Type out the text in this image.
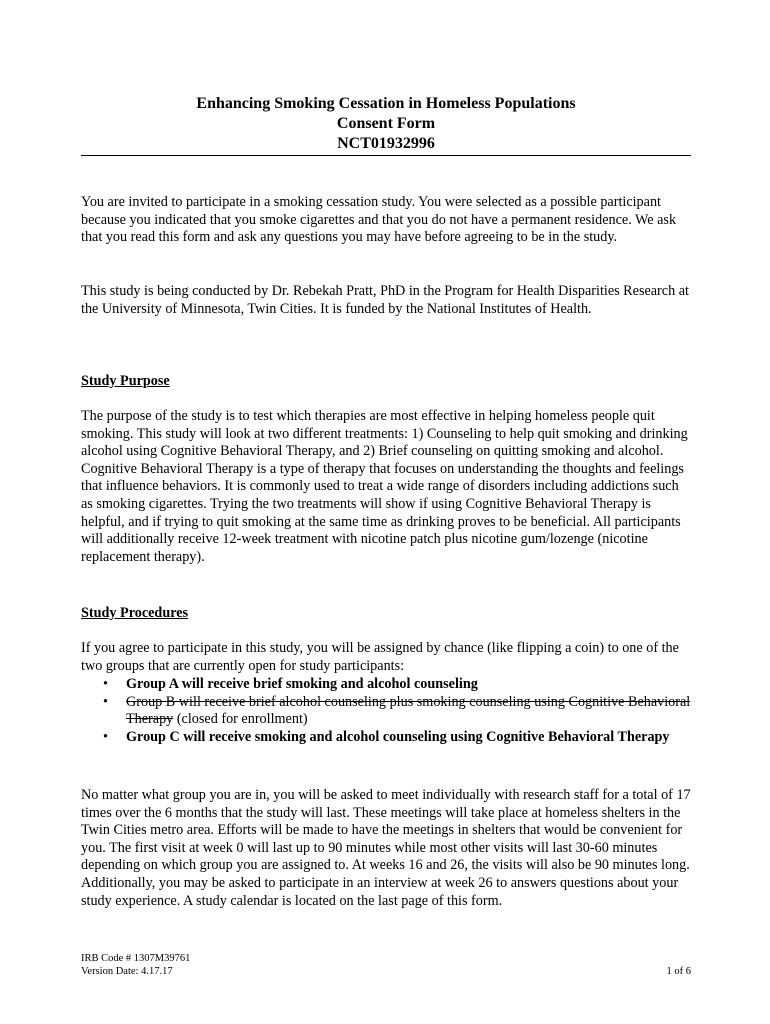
Enhancing Smoking Cessation in Homeless Populations
Consent Form
NCT01932996

You are invited to participate in a smoking cessation study. You were selected as a possible participant because you indicated that you smoke cigarettes and that you do not have a permanent residence. We ask that you read this form and ask any questions you may have before agreeing to be in the study.

This study is being conducted by Dr. Rebekah Pratt, PhD in the Program for Health Disparities Research at the University of Minnesota, Twin Cities. It is funded by the National Institutes of Health.

Study Purpose

The purpose of the study is to test which therapies are most effective in helping homeless people quit smoking. This study will look at two different treatments: 1) Counseling to help quit smoking and drinking alcohol using Cognitive Behavioral Therapy, and 2) Brief counseling on quitting smoking and alcohol. Cognitive Behavioral Therapy is a type of therapy that focuses on understanding the thoughts and feelings that influence behaviors. It is commonly used to treat a wide range of disorders including addictions such as smoking cigarettes. Trying the two treatments will show if using Cognitive Behavioral Therapy is helpful, and if trying to quit smoking at the same time as drinking proves to be beneficial. All participants will additionally receive 12-week treatment with nicotine patch plus nicotine gum/lozenge (nicotine replacement therapy).

Study Procedures

If you agree to participate in this study, you will be assigned by chance (like flipping a coin) to one of the two groups that are currently open for study participants:

• Group A will receive brief smoking and alcohol counseling
• Group B will receive brief alcohol counseling plus smoking counseling using Cognitive Behavioral Therapy (closed for enrollment)
• Group C will receive smoking and alcohol counseling using Cognitive Behavioral Therapy

No matter what group you are in, you will be asked to meet individually with research staff for a total of 17 times over the 6 months that the study will last. These meetings will take place at homeless shelters in the Twin Cities metro area. Efforts will be made to have the meetings in shelters that would be convenient for you. The first visit at week 0 will last up to 90 minutes while most other visits will last 30-60 minutes depending on which group you are assigned to. At weeks 16 and 26, the visits will also be 90 minutes long. Additionally, you may be asked to participate in an interview at week 26 to answers questions about your study experience. A study calendar is located on the last page of this form.

IRB Code # 1307M39761
Version Date: 4.17.17	1 of 6
